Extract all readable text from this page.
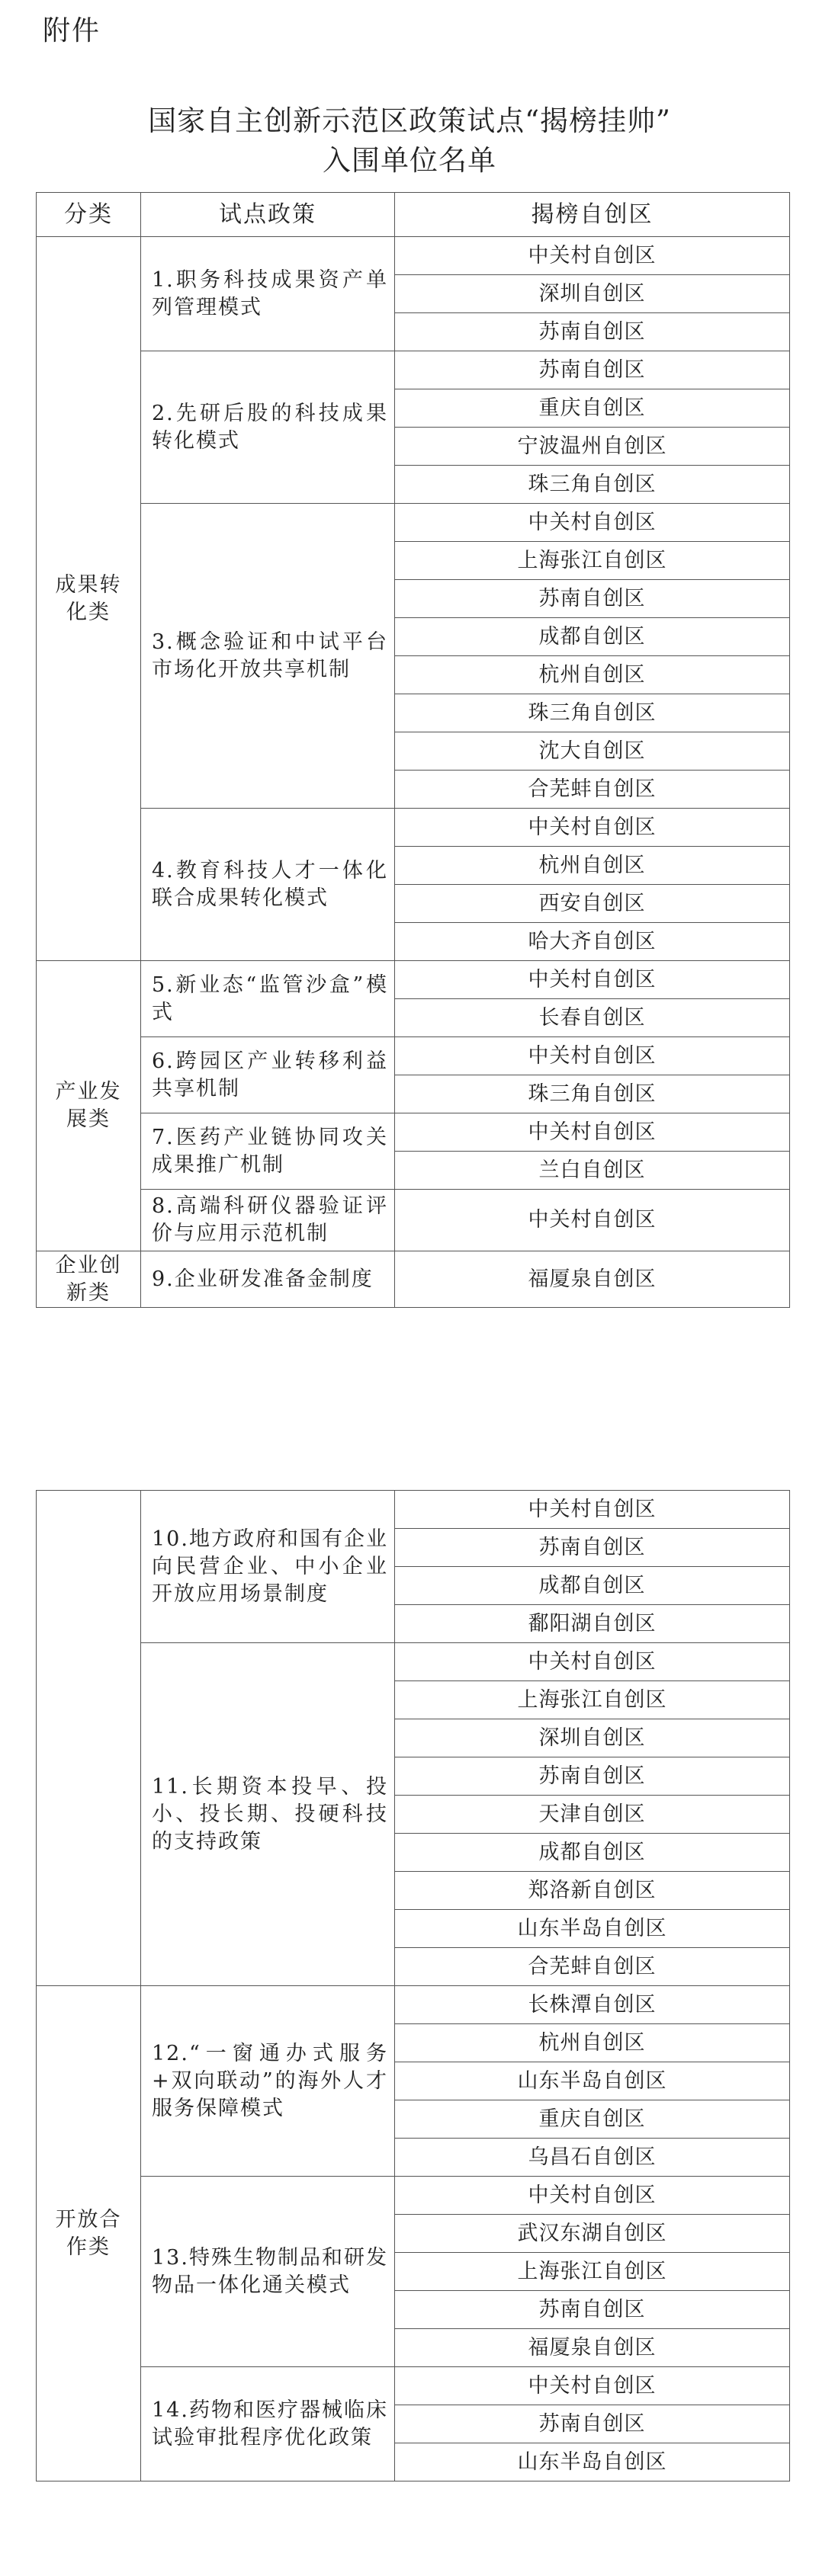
附件
国家自主创新示范区政策试点“揭榜挂帅”
入围单位名单
分类	试点政策	揭榜自创区
成果转化类	1.职务科技成果资产单列管理模式	中关村自创区
		深圳自创区
		苏南自创区
	2.先研后股的科技成果转化模式	苏南自创区
		重庆自创区
		宁波温州自创区
		珠三角自创区
	3.概念验证和中试平台市场化开放共享机制	中关村自创区
		上海张江自创区
		苏南自创区
		成都自创区
		杭州自创区
		珠三角自创区
		沈大自创区
		合芜蚌自创区
	4.教育科技人才一体化联合成果转化模式	中关村自创区
		杭州自创区
		西安自创区
		哈大齐自创区
产业发展类	5.新业态“监管沙盒”模式	中关村自创区
		长春自创区
	6.跨园区产业转移利益共享机制	中关村自创区
		珠三角自创区
	7.医药产业链协同攻关成果推广机制	中关村自创区
		兰白自创区
	8.高端科研仪器验证评价与应用示范机制	中关村自创区
企业创新类	9.企业研发准备金制度	福厦泉自创区
	10.地方政府和国有企业向民营企业、中小企业开放应用场景制度	中关村自创区
		苏南自创区
		成都自创区
		鄱阳湖自创区
	11.长期资本投早、投小、投长期、投硬科技的支持政策	中关村自创区
		上海张江自创区
		深圳自创区
		苏南自创区
		天津自创区
		成都自创区
		郑洛新自创区
		山东半岛自创区
		合芜蚌自创区
开放合作类	12.“一窗通办式服务+双向联动”的海外人才服务保障模式	长株潭自创区
		杭州自创区
		山东半岛自创区
		重庆自创区
		乌昌石自创区
	13.特殊生物制品和研发物品一体化通关模式	中关村自创区
		武汉东湖自创区
		上海张江自创区
		苏南自创区
		福厦泉自创区
	14.药物和医疗器械临床试验审批程序优化政策	中关村自创区
		苏南自创区
		山东半岛自创区
